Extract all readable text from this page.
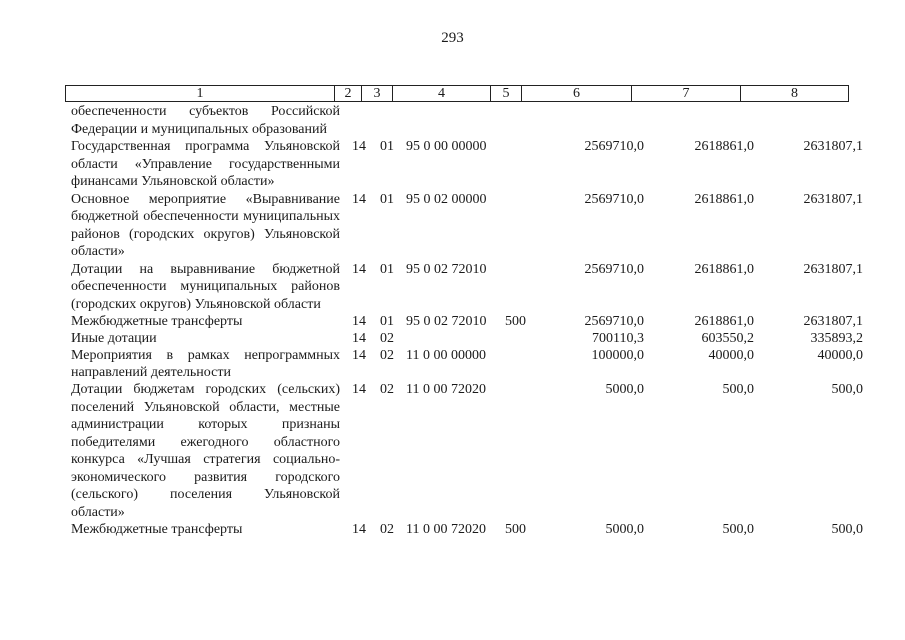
293
1	2	3	4	5	6	7	8
обеспеченности субъектов Российской Федерации и муниципальных образований							
Государственная программа Ульяновской области «Управление государственными финансами Ульяновской области»	14	01	95 0 00 00000		2569710,0	2618861,0	2631807,1
Основное мероприятие «Выравнивание бюджетной обеспеченности муниципальных районов (городских округов) Ульяновской области»	14	01	95 0 02 00000		2569710,0	2618861,0	2631807,1
Дотации на выравнивание бюджетной обеспеченности муниципальных районов (городских округов) Ульяновской области	14	01	95 0 02 72010		2569710,0	2618861,0	2631807,1
Межбюджетные трансферты	14	01	95 0 02 72010	500	2569710,0	2618861,0	2631807,1
Иные дотации	14	02			700110,3	603550,2	335893,2
Мероприятия в рамках непрограммных направлений деятельности	14	02	11 0 00 00000		100000,0	40000,0	40000,0
Дотации бюджетам городских (сельских) поселений Ульяновской области, местные администрации которых признаны победителями ежегодного областного конкурса «Лучшая стратегия социально-экономического развития городского (сельского) поселения Ульяновской области»	14	02	11 0 00 72020		5000,0	500,0	500,0
Межбюджетные трансферты	14	02	11 0 00 72020	500	5000,0	500,0	500,0
